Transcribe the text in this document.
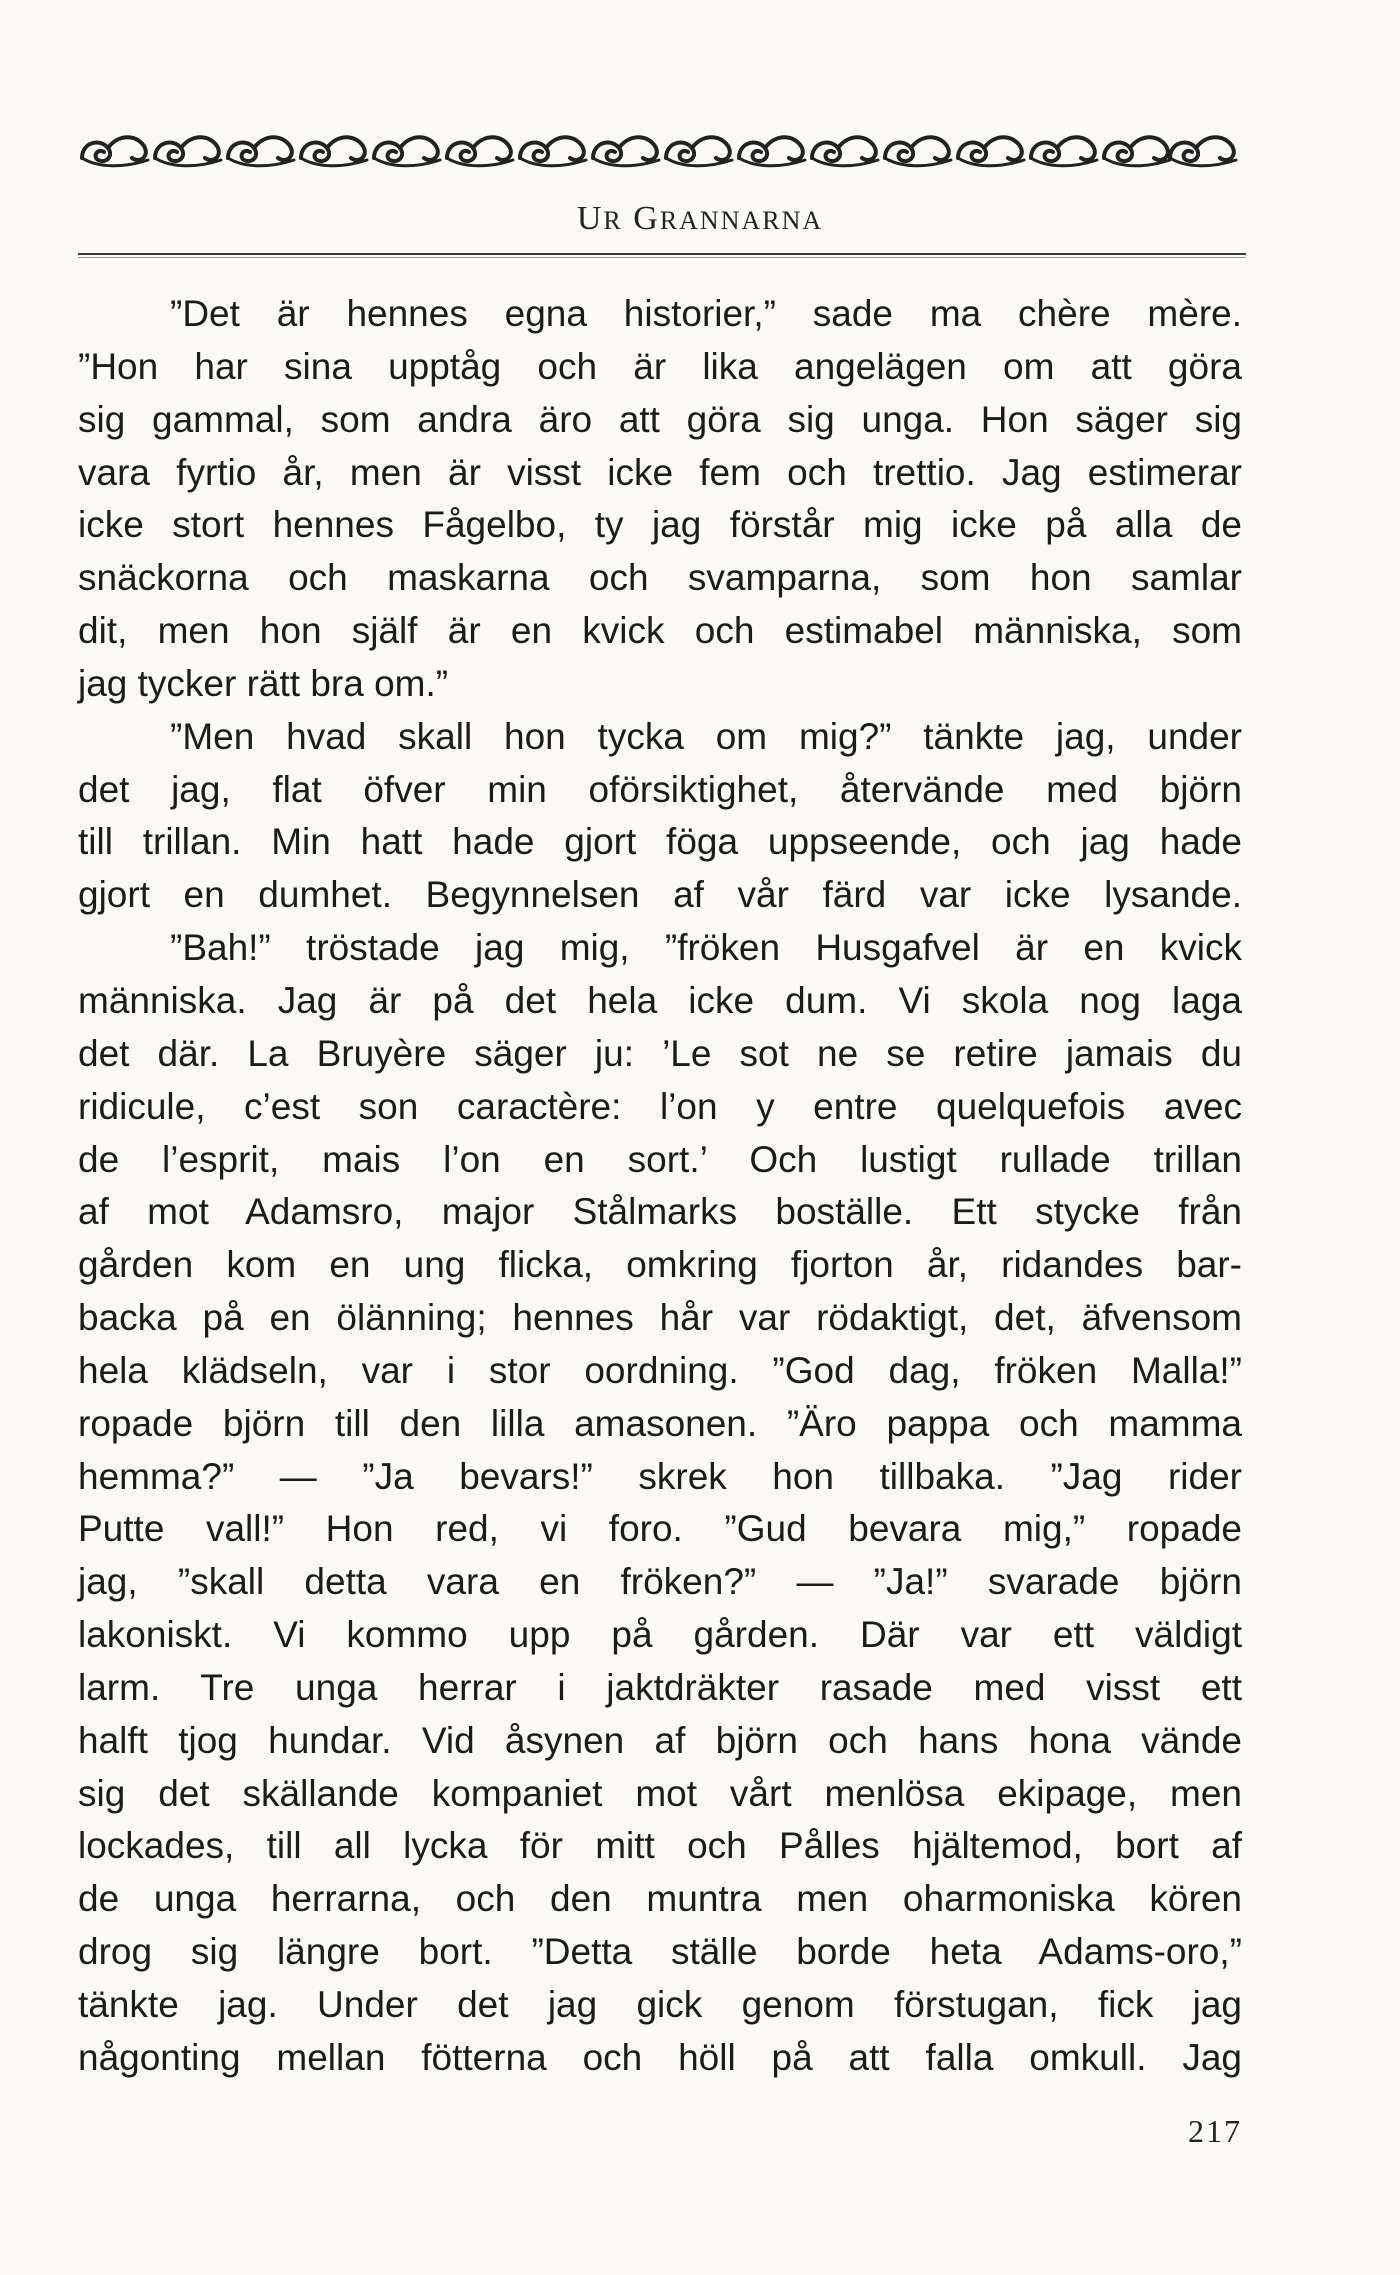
UR GRANNARNA
”Det är hennes egna historier,” sade ma chère mère.
”Hon har sina upptåg och är lika angelägen om att göra
sig gammal, som andra äro att göra sig unga. Hon säger sig
vara fyrtio år, men är visst icke fem och trettio. Jag estimerar
icke stort hennes Fågelbo, ty jag förstår mig icke på alla de
snäckorna och maskarna och svamparna, som hon samlar
dit, men hon själf är en kvick och estimabel människa, som
jag tycker rätt bra om.”
”Men hvad skall hon tycka om mig?” tänkte jag, under
det jag, flat öfver min oförsiktighet, återvände med björn
till trillan. Min hatt hade gjort föga uppseende, och jag hade
gjort en dumhet. Begynnelsen af vår färd var icke lysande.
”Bah!” tröstade jag mig, ”fröken Husgafvel är en kvick
människa. Jag är på det hela icke dum. Vi skola nog laga
det där. La Bruyère säger ju: ’Le sot ne se retire jamais du
ridicule, c’est son caractère: l’on y entre quelquefois avec
de l’esprit, mais l’on en sort.’ Och lustigt rullade trillan
af mot Adamsro, major Stålmarks boställe. Ett stycke från
gården kom en ung flicka, omkring fjorton år, ridandes bar-
backa på en ölänning; hennes hår var rödaktigt, det, äfvensom
hela klädseln, var i stor oordning. ”God dag, fröken Malla!”
ropade björn till den lilla amasonen. ”Äro pappa och mamma
hemma?” — ”Ja bevars!” skrek hon tillbaka. ”Jag rider
Putte vall!” Hon red, vi foro. ”Gud bevara mig,” ropade
jag, ”skall detta vara en fröken?” — ”Ja!” svarade björn
lakoniskt. Vi kommo upp på gården. Där var ett väldigt
larm. Tre unga herrar i jaktdräkter rasade med visst ett
halft tjog hundar. Vid åsynen af björn och hans hona vände
sig det skällande kompaniet mot vårt menlösa ekipage, men
lockades, till all lycka för mitt och Pålles hjältemod, bort af
de unga herrarna, och den muntra men oharmoniska kören
drog sig längre bort. ”Detta ställe borde heta Adams-oro,”
tänkte jag. Under det jag gick genom förstugan, fick jag
någonting mellan fötterna och höll på att falla omkull. Jag
217
